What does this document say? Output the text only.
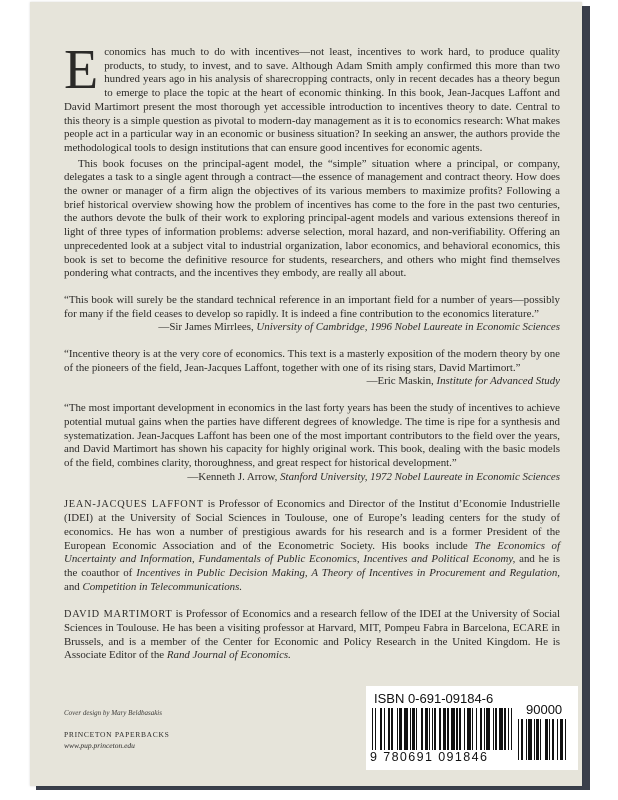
Economics has much to do with incentives—not least, incentives to work hard, to produce quality products, to study, to invest, and to save. Although Adam Smith amply confirmed this more than two hundred years ago in his analysis of sharecropping contracts, only in recent decades has a theory begun to emerge to place the topic at the heart of economic thinking. In this book, Jean-Jacques Laffont and David Martimort present the most thorough yet accessible introduction to incentives theory to date. Central to this theory is a simple question as pivotal to modern-day management as it is to economics research: What makes people act in a particular way in an economic or business situation? In seeking an answer, the authors provide the methodological tools to design institutions that can ensure good incentives for economic agents.

This book focuses on the principal-agent model, the “simple” situation where a principal, or company, delegates a task to a single agent through a contract—the essence of management and contract theory. How does the owner or manager of a firm align the objectives of its various members to maximize profits? Following a brief historical overview showing how the problem of incentives has come to the fore in the past two centuries, the authors devote the bulk of their work to exploring principal-agent models and various extensions thereof in light of three types of information problems: adverse selection, moral hazard, and non-verifiability. Offering an unprecedented look at a subject vital to industrial organization, labor economics, and behavioral economics, this book is set to become the definitive resource for students, researchers, and others who might find themselves pondering what contracts, and the incentives they embody, are really all about.

“This book will surely be the standard technical reference in an important field for a number of years—possibly for many if the field ceases to develop so rapidly. It is indeed a fine contribution to the economics literature.”
—Sir James Mirrlees, University of Cambridge, 1996 Nobel Laureate in Economic Sciences

“Incentive theory is at the very core of economics. This text is a masterly exposition of the modern theory by one of the pioneers of the field, Jean-Jacques Laffont, together with one of its rising stars, David Martimort.”
—Eric Maskin, Institute for Advanced Study

“The most important development in economics in the last forty years has been the study of incentives to achieve potential mutual gains when the parties have different degrees of knowledge. The time is ripe for a synthesis and systematization. Jean-Jacques Laffont has been one of the most important contributors to the field over the years, and David Martimort has shown his capacity for highly original work. This book, dealing with the basic models of the field, combines clarity, thoroughness, and great respect for historical development.”
—Kenneth J. Arrow, Stanford University, 1972 Nobel Laureate in Economic Sciences

JEAN-JACQUES LAFFONT is Professor of Economics and Director of the Institut d’Economie Industrielle (IDEI) at the University of Social Sciences in Toulouse, one of Europe’s leading centers for the study of economics. He has won a number of prestigious awards for his research and is a former President of the European Economic Association and of the Econometric Society. His books include The Economics of Uncertainty and Information, Fundamentals of Public Economics, Incentives and Political Economy, and he is the coauthor of Incentives in Public Decision Making, A Theory of Incentives in Procurement and Regulation, and Competition in Telecommunications.

DAVID MARTIMORT is Professor of Economics and a research fellow of the IDEI at the University of Social Sciences in Toulouse. He has been a visiting professor at Harvard, MIT, Pompeu Fabra in Barcelona, ECARE in Brussels, and is a member of the Center for Economic and Policy Research in the United Kingdom. He is Associate Editor of the Rand Journal of Economics.

Cover design by Mary Beldbasakis
PRINCETON PAPERBACKS
www.pup.princeton.edu
ISBN 0-691-09184-6
90000
9 780691 091846
